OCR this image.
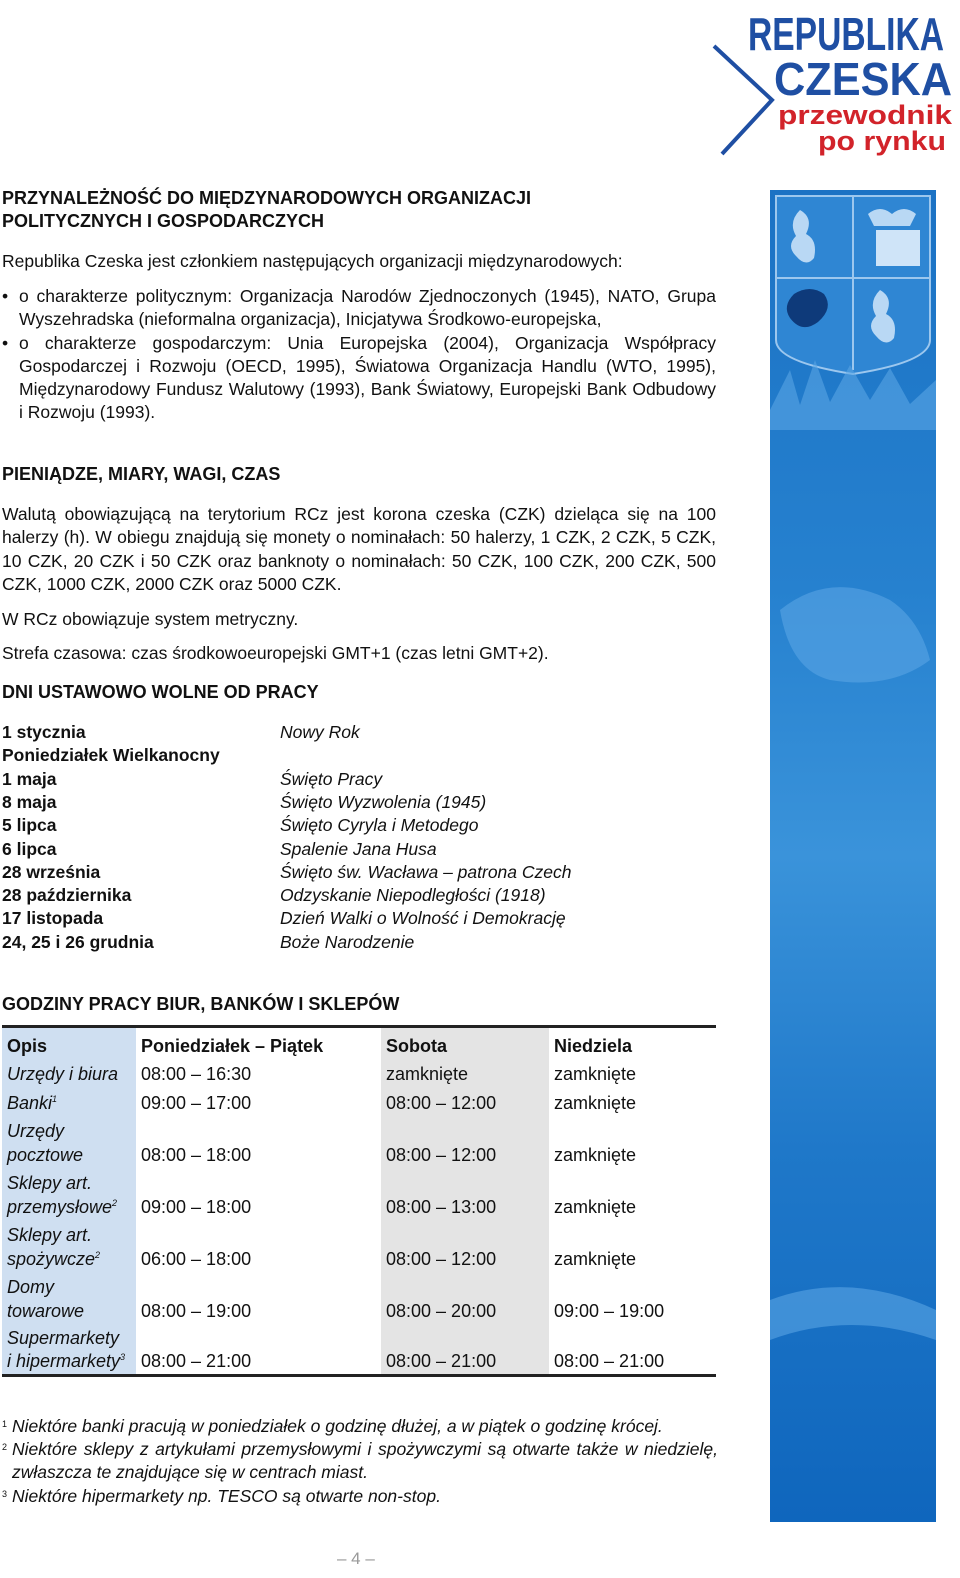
REPUBLIKA
CZESKA
przewodnik
po rynku
PRZYNALEŻNOŚĆ DO MIĘDZYNARODOWYCH ORGANIZACJI
POLITYCZNYCH I GOSPODARCZYCH

Republika Czeska jest członkiem następujących organizacji międzynarodowych:

• o charakterze politycznym: Organizacja Narodów Zjednoczonych (1945), NATO, Grupa Wyszehradska (nieformalna organizacja), Inicjatywa Środkowo-europejska,
• o charakterze gospodarczym: Unia Europejska (2004), Organizacja Współpracy Gospodarczej i Rozwoju (OECD, 1995), Światowa Organizacja Handlu (WTO, 1995), Międzynarodowy Fundusz Walutowy (1993), Bank Światowy, Europejski Bank Odbudowy i Rozwoju (1993).
PIENIĄDZE, MIARY, WAGI, CZAS

Walutą obowiązującą na terytorium RCz jest korona czeska (CZK) dzieląca się na 100 halerzy (h). W obiegu znajdują się monety o nominałach: 50 halerzy, 1 CZK, 2 CZK, 5 CZK, 10 CZK, 20 CZK i 50 CZK oraz banknoty o nominałach: 50 CZK, 100 CZK, 200 CZK, 500 CZK, 1000 CZK, 2000 CZK oraz 5000 CZK.

W RCz obowiązuje system metryczny.

Strefa czasowa: czas środkowoeuropejski GMT+1 (czas letni GMT+2).

DNI USTAWOWO WOLNE OD PRACY
1 stycznia	Nowy Rok
Poniedziałek Wielkanocny
1 maja	Święto Pracy
8 maja	Święto Wyzwolenia (1945)
5 lipca	Święto Cyryla i Metodego
6 lipca	Spalenie Jana Husa
28 września	Święto św. Wacława – patrona Czech
28 października	Odzyskanie Niepodległości (1918)
17 listopada	Dzień Walki o Wolność i Demokrację
24, 25 i 26 grudnia	Boże Narodzenie
GODZINY PRACY BIUR, BANKÓW I SKLEPÓW
Opis	Poniedziałek – Piątek	Sobota	Niedziela
Urzędy i biura	08:00 – 16:30	zamknięte	zamknięte
Banki$^1$	09:00 – 17:00	08:00 – 12:00	zamknięte
Urzędy
pocztowe	08:00 – 18:00	08:00 – 12:00	zamknięte
Sklepy art.
przemysłowe$^2$	09:00 – 18:00	08:00 – 13:00	zamknięte
Sklepy art.
spożywcze$^2$	06:00 – 18:00	08:00 – 12:00	zamknięte
Domy
towarowe	08:00 – 19:00	08:00 – 20:00	09:00 – 19:00
Supermarkety
i hipermarkety$^3$	08:00 – 21:00	08:00 – 21:00	08:00 – 21:00
1 Niektóre banki pracują w poniedziałek o godzinę dłużej, a w piątek o godzinę krócej.
2 Niektóre sklepy z artykułami przemysłowymi i spożywczymi są otwarte także w niedzielę, zwłaszcza te znajdujące się w centrach miast.
3 Niektóre hipermarkety np. TESCO są otwarte non-stop.
– 4 –
